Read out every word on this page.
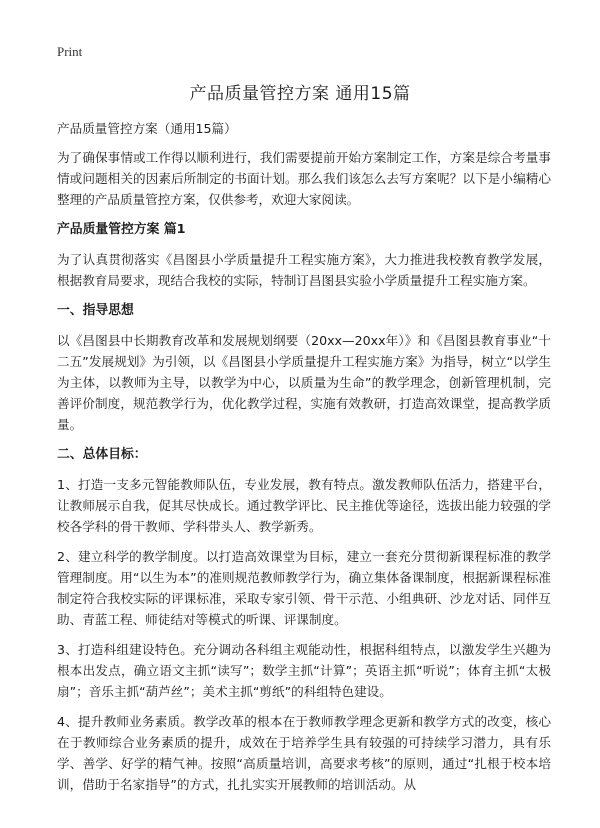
Print
产品质量管控方案 通用15篇

产品质量管控方案（通用15篇）

为了确保事情或工作得以顺利进行，我们需要提前开始方案制定工作，方案是综合考量事情或问题相关的因素后所制定的书面计划。那么我们该怎么去写方案呢？以下是小编精心整理的产品质量管控方案，仅供参考，欢迎大家阅读。

产品质量管控方案 篇1

为了认真贯彻落实《昌图县小学质量提升工程实施方案》，大力推进我校教育教学发展，根据教育局要求，现结合我校的实际，特制订昌图县实验小学质量提升工程实施方案。

一、指导思想

以《昌图县中长期教育改革和发展规划纲要（20xx—20xx年）》和《昌图县教育事业“十二五”发展规划》为引领，以《昌图县小学质量提升工程实施方案》为指导，树立“以学生为主体，以教师为主导，以教学为中心，以质量为生命”的教学理念，创新管理机制，完善评价制度，规范教学行为，优化教学过程，实施有效教研，打造高效课堂，提高教学质量。

二、总体目标：

1、打造一支多元智能教师队伍，专业发展，教有特点。激发教师队伍活力，搭建平台，让教师展示自我，促其尽快成长。通过教学评比、民主推优等途径，选拔出能力较强的学校各学科的骨干教师、学科带头人、教学新秀。

2、建立科学的教学制度。以打造高效课堂为目标，建立一套充分贯彻新课程标准的教学管理制度。用“以生为本”的准则规范教师教学行为，确立集体备课制度，根据新课程标准制定符合我校实际的评课标准，采取专家引领、骨干示范、小组典研、沙龙对话、同伴互助、青蓝工程、师徒结对等模式的听课、评课制度。

3、打造科组建设特色。充分调动各科组主观能动性，根据科组特点，以激发学生兴趣为根本出发点，确立语文主抓“读写”；数学主抓“计算”；英语主抓“听说”；体育主抓“太极扇”；音乐主抓“葫芦丝”；美术主抓“剪纸”的科组特色建设。

4、提升教师业务素质。教学改革的根本在于教师教学理念更新和教学方式的改变，核心在于教师综合业务素质的提升，成效在于培养学生具有较强的可持续学习潜力，具有乐学、善学、好学的精气神。按照“高质量培训，高要求考核”的原则，通过“扎根于校本培训，借助于名家指导”的方式，扎扎实实开展教师的培训活动。从
